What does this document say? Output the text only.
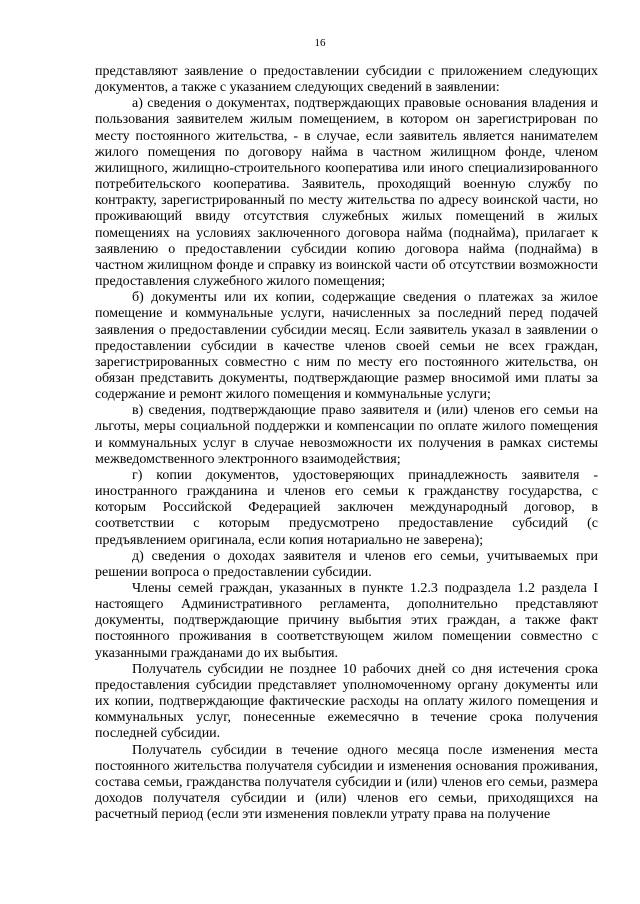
16

представляют заявление о предоставлении субсидии с приложением следующих документов, а также с указанием следующих сведений в заявлении:

а) сведения о документах, подтверждающих правовые основания владения и пользования заявителем жилым помещением, в котором он зарегистрирован по месту постоянного жительства, - в случае, если заявитель является нанимателем жилого помещения по договору найма в частном жилищном фонде, членом жилищного, жилищно-строительного кооператива или иного специализированного потребительского кооператива. Заявитель, проходящий военную службу по контракту, зарегистрированный по месту жительства по адресу воинской части, но проживающий ввиду отсутствия служебных жилых помещений в жилых помещениях на условиях заключенного договора найма (поднайма), прилагает к заявлению о предоставлении субсидии копию договора найма (поднайма) в частном жилищном фонде и справку из воинской части об отсутствии возможности предоставления служебного жилого помещения;

б) документы или их копии, содержащие сведения о платежах за жилое помещение и коммунальные услуги, начисленных за последний перед подачей заявления о предоставлении субсидии месяц. Если заявитель указал в заявлении о предоставлении субсидии в качестве членов своей семьи не всех граждан, зарегистрированных совместно с ним по месту его постоянного жительства, он обязан представить документы, подтверждающие размер вносимой ими платы за содержание и ремонт жилого помещения и коммунальные услуги;

в) сведения, подтверждающие право заявителя и (или) членов его семьи на льготы, меры социальной поддержки и компенсации по оплате жилого помещения и коммунальных услуг в случае невозможности их получения в рамках системы межведомственного электронного взаимодействия;

г) копии документов, удостоверяющих принадлежность заявителя - иностранного гражданина и членов его семьи к гражданству государства, с которым Российской Федерацией заключен международный договор, в соответствии с которым предусмотрено предоставление субсидий (с предъявлением оригинала, если копия нотариально не заверена);

д) сведения о доходах заявителя и членов его семьи, учитываемых при решении вопроса о предоставлении субсидии.

Члены семей граждан, указанных в пункте 1.2.3 подраздела 1.2 раздела I настоящего Административного регламента, дополнительно представляют документы, подтверждающие причину выбытия этих граждан, а также факт постоянного проживания в соответствующем жилом помещении совместно с указанными гражданами до их выбытия.

Получатель субсидии не позднее 10 рабочих дней со дня истечения срока предоставления субсидии представляет уполномоченному органу документы или их копии, подтверждающие фактические расходы на оплату жилого помещения и коммунальных услуг, понесенные ежемесячно в течение срока получения последней субсидии.

Получатель субсидии в течение одного месяца после изменения места постоянного жительства получателя субсидии и изменения основания проживания, состава семьи, гражданства получателя субсидии и (или) членов его семьи, размера доходов получателя субсидии и (или) членов его семьи, приходящихся на расчетный период (если эти изменения повлекли утрату права на получение
